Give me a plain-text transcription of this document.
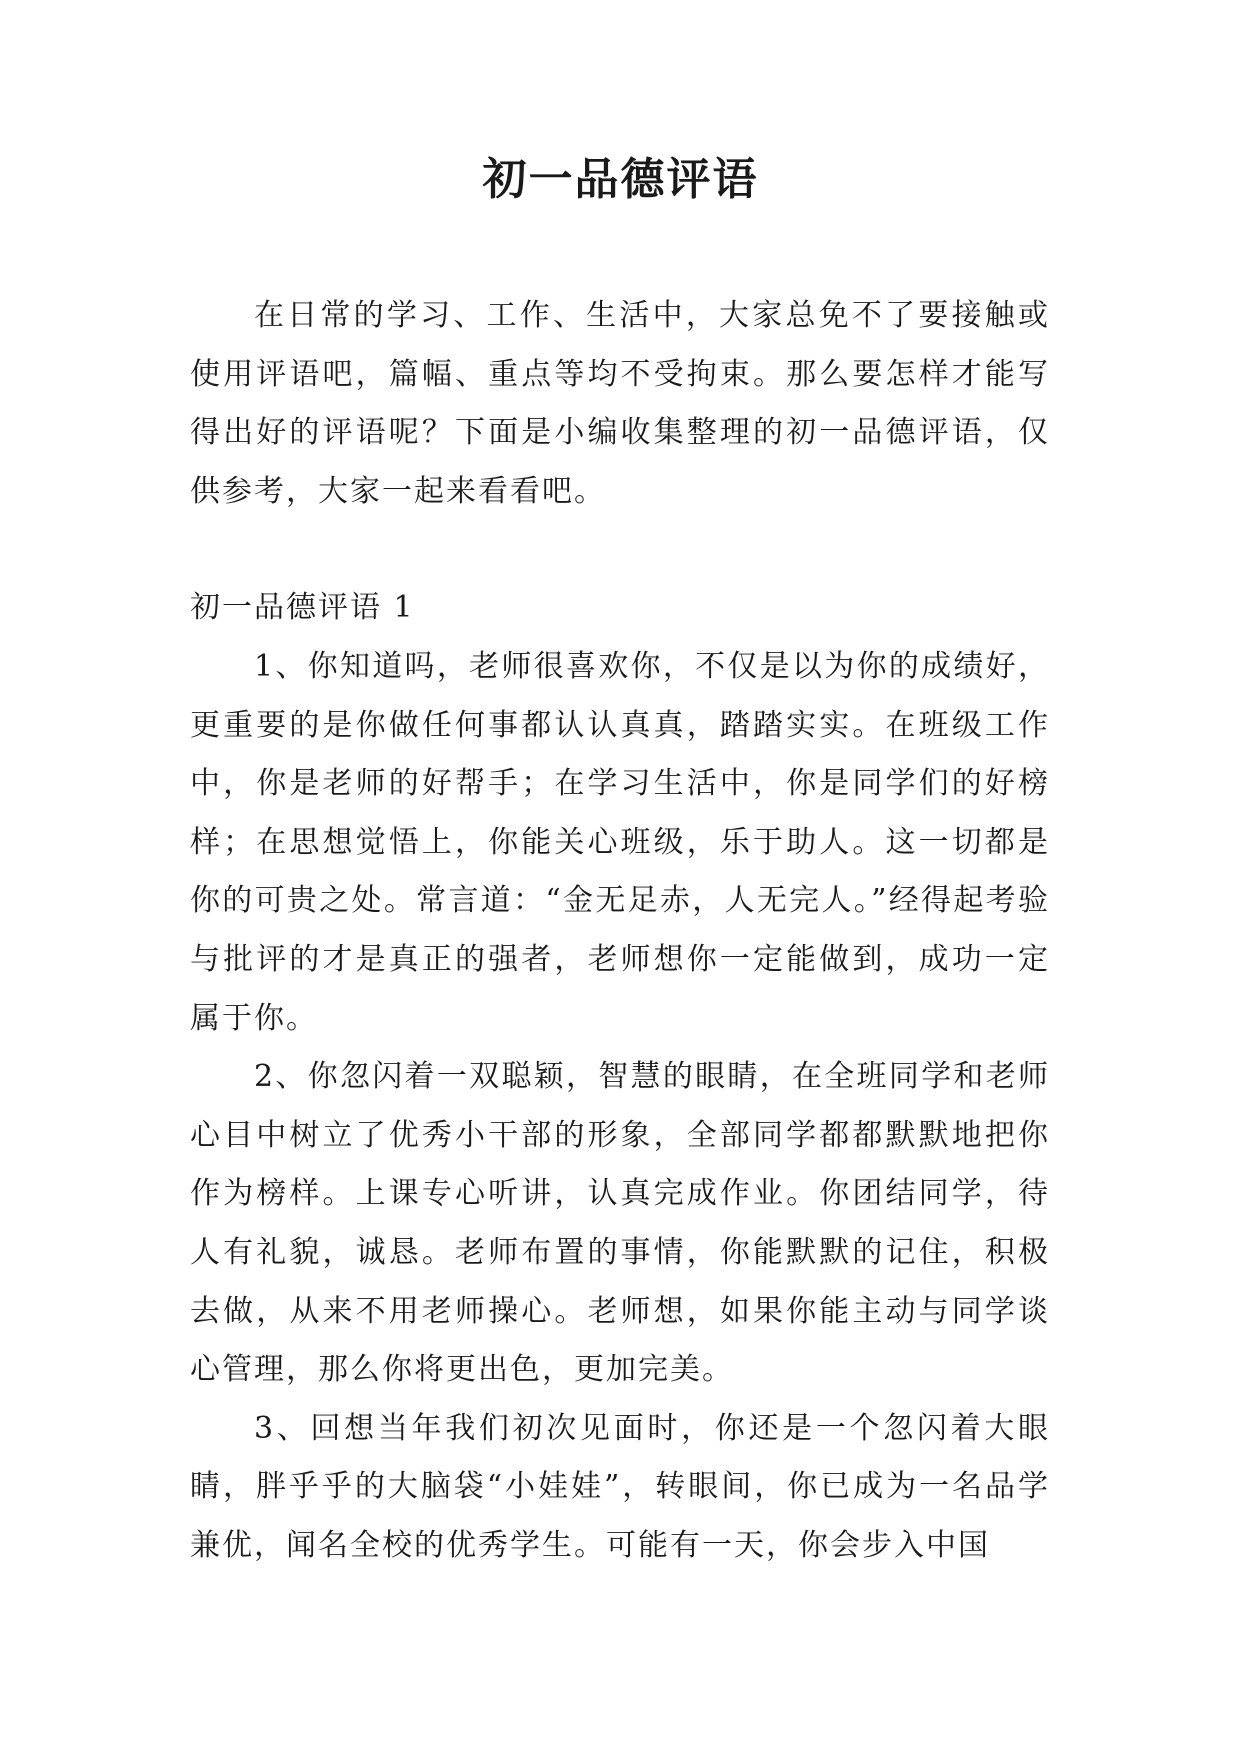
初一品德评语

在日常的学习、工作、生活中，大家总免不了要接触或使用评语吧，篇幅、重点等均不受拘束。那么要怎样才能写得出好的评语呢？下面是小编收集整理的初一品德评语，仅供参考，大家一起来看看吧。

初一品德评语 1

1、你知道吗，老师很喜欢你，不仅是以为你的成绩好，更重要的是你做任何事都认认真真，踏踏实实。在班级工作中，你是老师的好帮手；在学习生活中，你是同学们的好榜样；在思想觉悟上，你能关心班级，乐于助人。这一切都是你的可贵之处。常言道：“金无足赤，人无完人。”经得起考验与批评的才是真正的强者，老师想你一定能做到，成功一定属于你。

2、你忽闪着一双聪颖，智慧的眼睛，在全班同学和老师心目中树立了优秀小干部的形象，全部同学都都默默地把你作为榜样。上课专心听讲，认真完成作业。你团结同学，待人有礼貌，诚恳。老师布置的事情，你能默默的记住，积极去做，从来不用老师操心。老师想，如果你能主动与同学谈心管理，那么你将更出色，更加完美。

3、回想当年我们初次见面时，你还是一个忽闪着大眼睛，胖乎乎的大脑袋“小娃娃”，转眼间，你已成为一名品学兼优，闻名全校的优秀学生。可能有一天，你会步入中国
